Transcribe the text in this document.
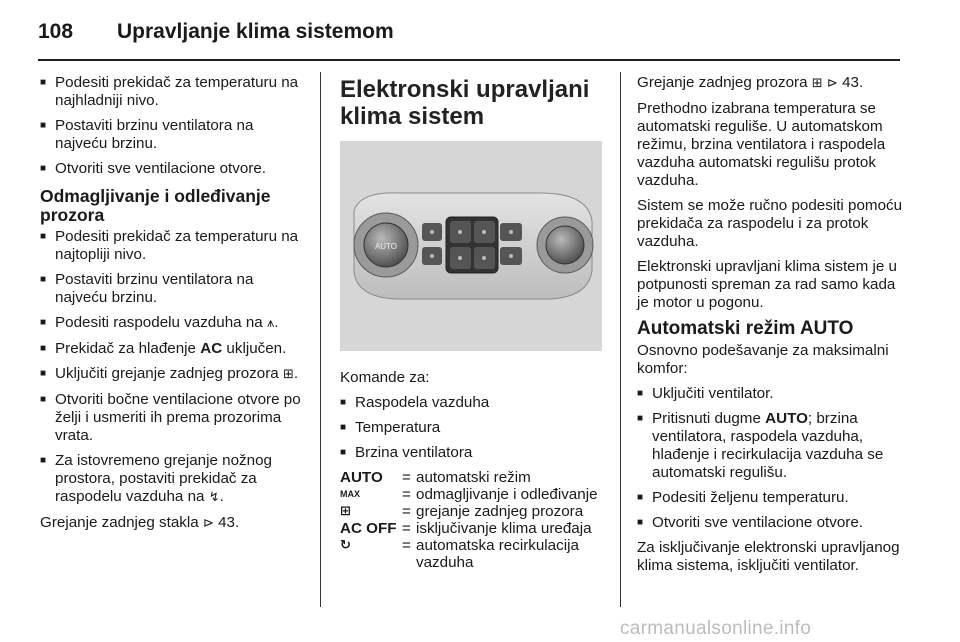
108 Upravljanje klima sistemom
■ Podesiti prekidač za temperaturu na najhladniji nivo.
■ Postaviti brzinu ventilatora na najveću brzinu.
■ Otvoriti sve ventilacione otvore.
Odmagljivanje i odleđivanje prozora
■ Podesiti prekidač za temperaturu na najtopliji nivo.
■ Postaviti brzinu ventilatora na najveću brzinu.
■ Podesiti raspodelu vazduha na ⩚.
■ Prekidač za hlađenje AC uključen.
■ Uključiti grejanje zadnjeg prozora ⊞.
■ Otvoriti bočne ventilacione otvore po želji i usmeriti ih prema prozorima vrata.
■ Za istovremeno grejanje nožnog prostora, postaviti prekidač za raspodelu vazduha na ↯.
Grejanje zadnjeg stakla ⊳ 43.
Elektronski upravljani klima sistem
AUTO
Komande za:
■ Raspodela vazduha
■ Temperatura
■ Brzina ventilatora
AUTO	= automatski režim
MAX	= odmagljivanje i odleđivanje
⊞	= grejanje zadnjeg prozora
AC OFF = isključivanje klima uređaja
↻	= automatska recirkulacija vazduha
Grejanje zadnjeg prozora ⊞ ⊳ 43.
Prethodno izabrana temperatura se automatski reguliše. U automatskom režimu, brzina ventilatora i raspodela vazduha automatski regulišu protok vazduha.
Sistem se može ručno podesiti pomoću prekidača za raspodelu i za protok vazduha.
Elektronski upravljani klima sistem je u potpunosti spreman za rad samo kada je motor u pogonu.
Automatski režim AUTO
Osnovno podešavanje za maksimalni komfor:
■ Uključiti ventilator.
■ Pritisnuti dugme AUTO; brzina ventilatora, raspodela vazduha, hlađenje i recirkulacija vazduha se automatski regulišu.
■ Podesiti željenu temperaturu.
■ Otvoriti sve ventilacione otvore.
Za isključivanje elektronski upravljanog klima sistema, isključiti ventilator.
carmanualsonline.info
